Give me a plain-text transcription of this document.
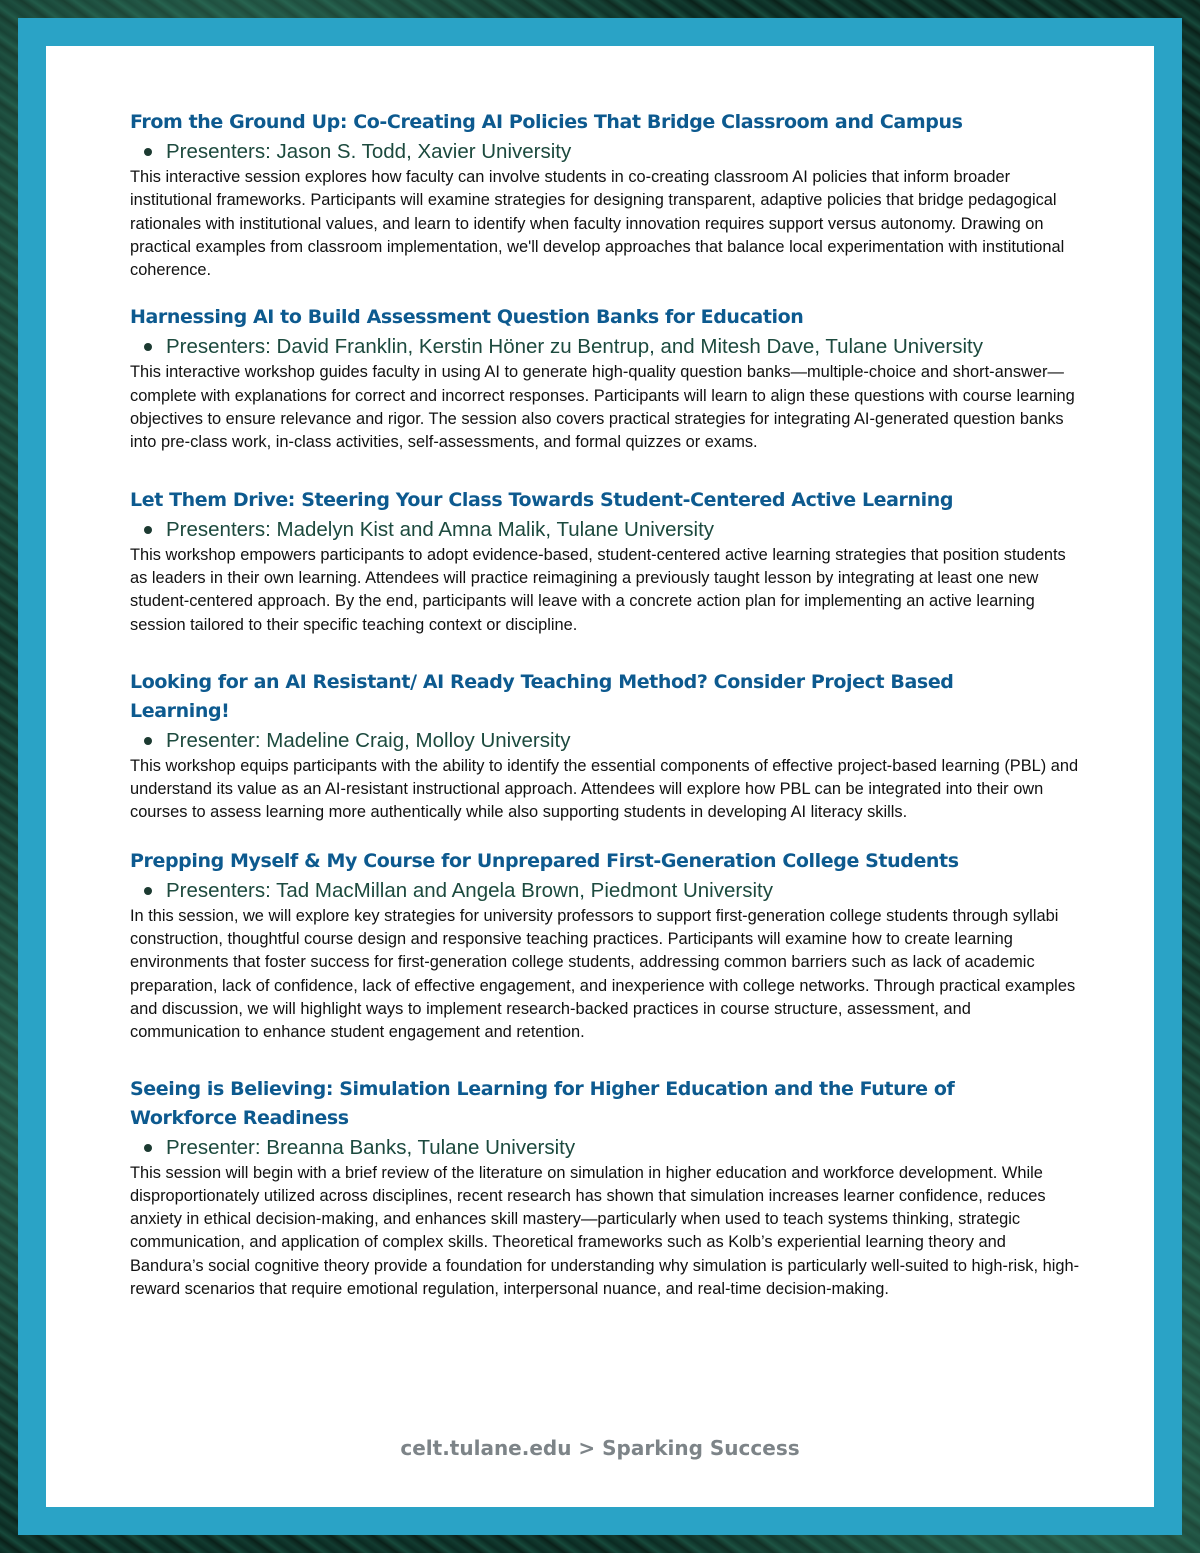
From the Ground Up: Co-Creating AI Policies That Bridge Classroom and Campus
Presenters: Jason S. Todd, Xavier University

This interactive session explores how faculty can involve students in co-creating classroom AI policies that inform broader institutional frameworks. Participants will examine strategies for designing transparent, adaptive policies that bridge pedagogical rationales with institutional values, and learn to identify when faculty innovation requires support versus autonomy. Drawing on practical examples from classroom implementation, we'll develop approaches that balance local experimentation with institutional coherence.

Harnessing AI to Build Assessment Question Banks for Education
Presenters: David Franklin, Kerstin Höner zu Bentrup, and Mitesh Dave, Tulane University

This interactive workshop guides faculty in using AI to generate high-quality question banks—multiple-choice and short-answer—complete with explanations for correct and incorrect responses. Participants will learn to align these questions with course learning objectives to ensure relevance and rigor. The session also covers practical strategies for integrating AI-generated question banks into pre-class work, in-class activities, self-assessments, and formal quizzes or exams.

Let Them Drive: Steering Your Class Towards Student-Centered Active Learning
Presenters: Madelyn Kist and Amna Malik, Tulane University

This workshop empowers participants to adopt evidence-based, student-centered active learning strategies that position students as leaders in their own learning. Attendees will practice reimagining a previously taught lesson by integrating at least one new student-centered approach. By the end, participants will leave with a concrete action plan for implementing an active learning session tailored to their specific teaching context or discipline.

Looking for an AI Resistant/ AI Ready Teaching Method? Consider Project Based Learning!
Presenter: Madeline Craig, Molloy University

This workshop equips participants with the ability to identify the essential components of effective project-based learning (PBL) and understand its value as an AI-resistant instructional approach. Attendees will explore how PBL can be integrated into their own courses to assess learning more authentically while also supporting students in developing AI literacy skills.

Prepping Myself & My Course for Unprepared First-Generation College Students
Presenters: Tad MacMillan and Angela Brown, Piedmont University

In this session, we will explore key strategies for university professors to support first-generation college students through syllabi construction, thoughtful course design and responsive teaching practices. Participants will examine how to create learning environments that foster success for first-generation college students, addressing common barriers such as lack of academic preparation, lack of confidence, lack of effective engagement, and inexperience with college networks. Through practical examples and discussion, we will highlight ways to implement research-backed practices in course structure, assessment, and communication to enhance student engagement and retention.

Seeing is Believing: Simulation Learning for Higher Education and the Future of Workforce Readiness
Presenter: Breanna Banks, Tulane University

This session will begin with a brief review of the literature on simulation in higher education and workforce development. While disproportionately utilized across disciplines, recent research has shown that simulation increases learner confidence, reduces anxiety in ethical decision-making, and enhances skill mastery—particularly when used to teach systems thinking, strategic communication, and application of complex skills. Theoretical frameworks such as Kolb’s experiential learning theory and Bandura’s social cognitive theory provide a foundation for understanding why simulation is particularly well-suited to high-risk, high-reward scenarios that require emotional regulation, interpersonal nuance, and real-time decision-making.

celt.tulane.edu > Sparking Success
